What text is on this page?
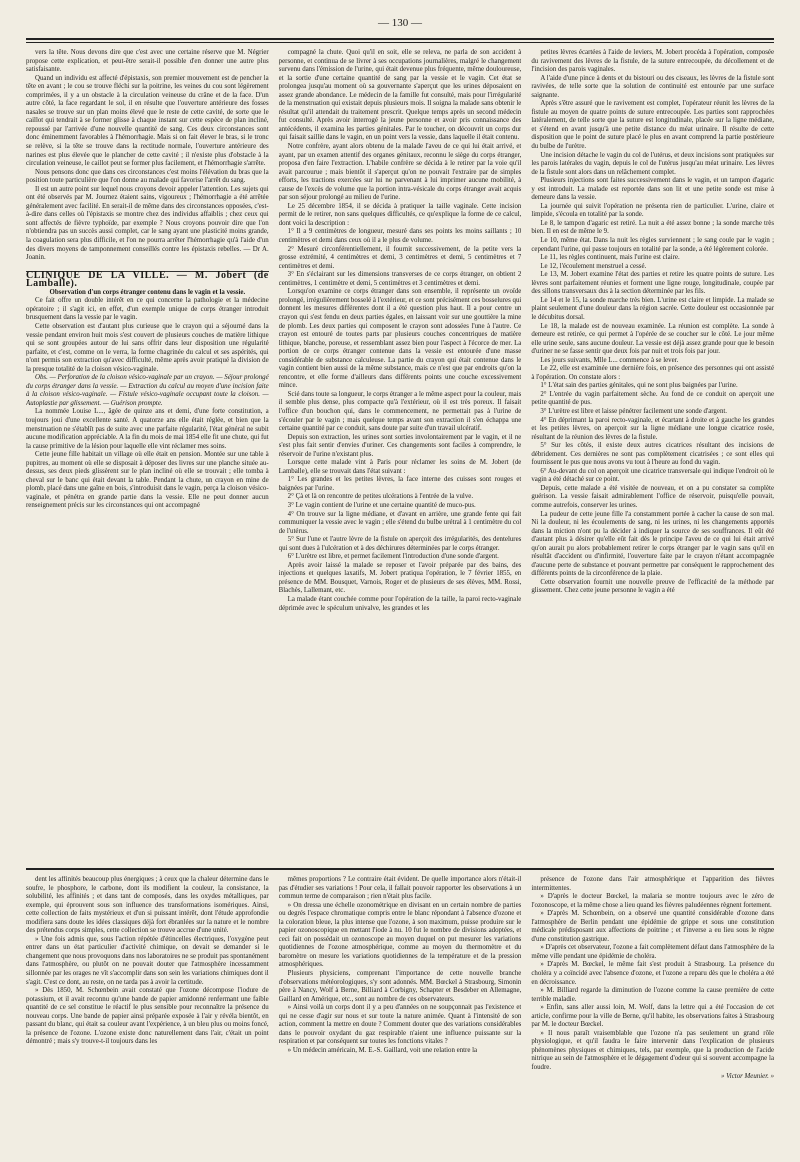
— 130 —

vers la tête. Nous devons dire que c'est avec une certaine réserve que M. Négrier propose cette explication, et peut-être serait-il possible d'en donner une autre plus satisfaisante.

Quand un individu est affecté d'épistaxis, son premier mouvement est de pencher la tête en avant ; le cou se trouve fléchi sur la poitrine, les veines du cou sont légèrement comprimées, il y a un obstacle à la circulation veineuse du crâne et de la face. D'un autre côté, la face regardant le sol, il en résulte que l'ouverture antérieure des fosses nasales se trouve sur un plan moins élevé que le reste de cette cavité, de sorte que le caillot qui tendrait à se former glisse à chaque instant sur cette espèce de plan incliné, repoussé par l'arrivée d'une nouvelle quantité de sang. Ces deux circonstances sont donc éminemment favorables à l'hémorrhagie. Mais si on fait élever le bras, si le tronc se relève, si la tête se trouve dans la rectitude normale, l'ouverture antérieure des narines est plus élevée que le plancher de cette cavité ; il n'existe plus d'obstacle à la circulation veineuse, le caillot peut se former plus facilement, et l'hémorrhagie s'arrête.

Nous pensons donc que dans ces circonstances c'est moins l'élévation du bras que la position toute particulière que l'on donne au malade qui favorise l'arrêt du sang.

Il est un autre point sur lequel nous croyons devoir appeler l'attention. Les sujets qui ont été observés par M. Journez étaient sains, vigoureux ; l'hémorrhagie a été arrêtée généralement avec facilité. En serait-il de même dans des circonstances opposées, c'est-à-dire dans celles où l'épistaxis se montre chez des individus affaiblis ; chez ceux qui sont affectés de fièvre typhoïde, par exemple ? Nous croyons pouvoir dire que l'on n'obtiendra pas un succès aussi complet, car le sang ayant une plasticité moins grande, la coagulation sera plus difficile, et l'on ne pourra arrêter l'hémorrhagie qu'à l'aide d'un des divers moyens de tamponnement conseillés contre les épistaxis rebelles. — Dr A. Joanin.

CLINIQUE DE LA VILLE. — M. Jobert (de Lamballe).

Observation d'un corps étranger contenu dans le vagin et la vessie.

Ce fait offre un double intérêt en ce qui concerne la pathologie et la médecine opératoire ; il s'agit ici, en effet, d'un exemple unique de corps étranger introduit brusquement dans la vessie par le vagin.

Cette observation est d'autant plus curieuse que le crayon qui a séjourné dans la vessie pendant environ huit mois s'est couvert de plusieurs couches de matière lithique qui se sont groupées autour de lui sans offrir dans leur disposition une régularité parfaite, et c'est, comme on le verra, la forme chagrinée du calcul et ses aspérités, qui n'ont permis son extraction qu'avec difficulté, même après avoir pratiqué la division de la presque totalité de la cloison vésico-vaginale.

Obs. — Perforation de la cloison vésico-vaginale par un crayon. — Séjour prolongé du corps étranger dans la vessie. — Extraction du calcul au moyen d'une incision faite à la cloison vésico-vaginale. — Fistule vésico-vaginale occupant toute la cloison. — Autoplastie par glissement. — Guérison prompte.

La nommée Louise L..., âgée de quinze ans et demi, d'une forte constitution, a toujours joui d'une excellente santé. A quatorze ans elle était réglée, et bien que la menstruation ne s'établît pas de suite avec une parfaite régularité, l'état général ne subit aucune modification appréciable. A la fin du mois de mai 1854 elle fit une chute, qui fut la cause primitive de la lésion pour laquelle elle vint réclamer mes soins.

Cette jeune fille habitait un village où elle était en pension. Montée sur une table à pupitres, au moment où elle se disposait à déposer des livres sur une planche située au-dessus, ses deux pieds glissèrent sur le plan incliné où elle se trouvait ; elle tomba à cheval sur le banc qui était devant la table. Pendant la chute, un crayon en mine de plomb, placé dans une gaîne en bois, s'introduisit dans le vagin, perça la cloison vésico-vaginale, et pénétra en grande partie dans la vessie. Elle ne peut donner aucun renseignement précis sur les circonstances qui ont accompagné

compagné la chute. Quoi qu'il en soit, elle se releva, ne parla de son accident à personne, et continua de se livrer à ses occupations journalières, malgré le changement survenu dans l'émission de l'urine, qui était devenue plus fréquente, même douloureuse, et la sortie d'une certaine quantité de sang par la vessie et le vagin. Cet état se prolongea jusqu'au moment où sa gouvernante s'aperçut que les urines déposaient en assez grande abondance. Le médecin de la famille fut consulté, mais pour l'irrégularité de la menstruation qui existait depuis plusieurs mois. Il soigna la malade sans obtenir le résultat qu'il attendait du traitement prescrit. Quelque temps après un second médecin fut consulté. Après avoir interrogé la jeune personne et avoir pris connaissance des antécédents, il examina les parties génitales. Par le toucher, on découvrit un corps dur qui faisait saillie dans le vagin, en un point vers la vessie, dans laquelle il était contenu.

Notre confrère, ayant alors obtenu de la malade l'aveu de ce qui lui était arrivé, et ayant, par un examen attentif des organes génitaux, reconnu le siège du corps étranger, proposa d'en faire l'extraction. L'habile confrère se décida à le retirer par la voie qu'il avait parcourue ; mais bientôt il s'aperçut qu'on ne pouvait l'extraire par de simples efforts, les tractions exercées sur lui ne parvenant à lui imprimer aucune mobilité, à cause de l'excès de volume que la portion intra-vésicale du corps étranger avait acquis par son séjour prolongé au milieu de l'urine.

Le 25 décembre 1854, il se décida à pratiquer la taille vaginale. Cette incision permit de le retirer, non sans quelques difficultés, ce qu'explique la forme de ce calcul, dont voici la description :

1° Il a 9 centimètres de longueur, mesuré dans ses points les moins saillants ; 10 centimètres et demi dans ceux où il a le plus de volume.

2° Mesuré circonférentiellement, il fournit successivement, de la petite vers la grosse extrémité, 4 centimètres et demi, 3 centimètres et demi, 5 centimètres et 7 centimètres et demi.

3° En s'éclairant sur les dimensions transverses de ce corps étranger, on obtient 2 centimètres, 1 centimètre et demi, 5 centimètres et 3 centimètres et demi.

Lorsqu'on examine ce corps étranger dans son ensemble, il représente un ovoïde prolongé, irrégulièrement bosselé à l'extérieur, et ce sont précisément ces bosselures qui donnent les mesures différentes dont il a été question plus haut. Il a pour centre un crayon qui s'est fendu en deux parties égales, en laissant voir sur une gouttière la mine de plomb. Les deux parties qui composent le crayon sont adossées l'une à l'autre. Ce crayon est entouré de toutes parts par plusieurs couches concentriques de matière lithique, blanche, poreuse, et ressemblant assez bien pour l'aspect à l'écorce de mer. La portion de ce corps étranger contenue dans la vessie est entourée d'une masse considérable de substance calculeuse. La partie du crayon qui était contenue dans le vagin contient bien aussi de la même substance, mais ce n'est que par endroits qu'on la rencontre, et elle forme d'ailleurs dans différents points une couche excessivement mince.

Scié dans toute sa longueur, le corps étranger a le même aspect pour la couleur, mais il semble plus dense, plus compacte qu'à l'extérieur, où il est très poreux. Il faisait l'office d'un bouchon qui, dans le commencement, ne permettait pas à l'urine de s'écouler par le vagin ; mais quelque temps avant son extraction il s'en échappa une certaine quantité par ce conduit, sans doute par suite d'un travail ulcératif.

Depuis son extraction, les urines sont sorties involontairement par le vagin, et il ne s'est plus fait sentir d'envies d'uriner. Ces changements sont faciles à comprendre, le réservoir de l'urine n'existant plus.

Lorsque cette malade vint à Paris pour réclamer les soins de M. Jobert (de Lamballe), elle se trouvait dans l'état suivant :

1° Les grandes et les petites lèvres, la face interne des cuisses sont rouges et baignées par l'urine.

2° Çà et là on rencontre de petites ulcérations à l'entrée de la vulve.

3° Le vagin contient de l'urine et une certaine quantité de muco-pus.

4° On trouve sur la ligne médiane, et d'avant en arrière, une grande fente qui fait communiquer la vessie avec le vagin ; elle s'étend du bulbe urétral à 1 centimètre du col de l'utérus.

5° Sur l'une et l'autre lèvre de la fistule on aperçoit des irrégularités, des dentelures qui sont dues à l'ulcération et à des déchirures déterminées par le corps étranger.

6° L'urètre est libre, et permet facilement l'introduction d'une sonde d'argent.

Après avoir laissé la malade se reposer et l'avoir préparée par des bains, des injections et quelques laxatifs, M. Jobert pratiqua l'opération, le 7 février 1855, en présence de MM. Bousquet, Varnois, Roger et de plusieurs de ses élèves, MM. Rossi, Blachès, Lallemant, etc.

La malade étant couchée comme pour l'opération de la taille, la paroi recto-vaginale déprimée avec le spéculum univalve, les grandes et les

petites lèvres écartées à l'aide de leviers, M. Jobert procéda à l'opération, composée du ravivement des lèvres de la fistule, de la suture entrecoupée, du décollement et de l'incision des parois vaginales.

A l'aide d'une pince à dents et du bistouri ou des ciseaux, les lèvres de la fistule sont ravivées, de telle sorte que la solution de continuité est entourée par une surface saignante.

Après s'être assuré que le ravivement est complet, l'opérateur réunit les lèvres de la fistule au moyen de quatre points de suture entrecoupée. Les parties sont rapprochées latéralement, de telle sorte que la suture est longitudinale, placée sur la ligne médiane, et s'étend en avant jusqu'à une petite distance du méat urinaire. Il résulte de cette disposition que le point de suture placé le plus en avant comprend la partie postérieure du bulbe de l'urètre.

Une incision détache le vagin du col de l'utérus, et deux incisions sont pratiquées sur les parois latérales du vagin, depuis le col de l'utérus jusqu'au méat urinaire. Les lèvres de la fistule sont alors dans un relâchement complet.

Plusieurs injections sont faites successivement dans le vagin, et un tampon d'agaric y est introduit. La malade est reportée dans son lit et une petite sonde est mise à demeure dans la vessie.

La journée qui suivit l'opération ne présenta rien de particulier. L'urine, claire et limpide, s'écoula en totalité par la sonde.

Le 8, le tampon d'agaric est retiré. La nuit a été assez bonne ; la sonde marche très bien. Il en est de même le 9.

Le 10, même état. Dans la nuit les règles surviennent ; le sang coule par le vagin ; cependant l'urine, qui passe toujours en totalité par la sonde, a été légèrement colorée.

Le 11, les règles continuent, mais l'urine est claire.

Le 12, l'écoulement menstruel a cessé.

Le 13, M. Jobert examine l'état des parties et retire les quatre points de suture. Les lèvres sont parfaitement réunies et forment une ligne rouge, longitudinale, coupée par des sillons transversaux dus à la section déterminée par les fils.

Le 14 et le 15, la sonde marche très bien. L'urine est claire et limpide. La malade se plaint seulement d'une douleur dans la région sacrée. Cette douleur est occasionnée par le décubitus dorsal.

Le 18, la malade est de nouveau examinée. La réunion est complète. La sonde à demeure est retirée, ce qui permet à l'opérée de se coucher sur le côté. Le jour même elle urine seule, sans aucune douleur. La vessie est déjà assez grande pour que le besoin d'uriner ne se fasse sentir que deux fois par nuit et trois fois par jour.

Les jours suivants, Mlle L... commence à se lever.

Le 22, elle est examinée une dernière fois, en présence des personnes qui ont assisté à l'opération. On constate alors :

1° L'état sain des parties génitales, qui ne sont plus baignées par l'urine.

2° L'entrée du vagin parfaitement sèche. Au fond de ce conduit on aperçoit une petite quantité de pus.

3° L'urètre est libre et laisse pénétrer facilement une sonde d'argent.

4° En déprimant la paroi recto-vaginale, et écartant à droite et à gauche les grandes et les petites lèvres, on aperçoit sur la ligne médiane une longue cicatrice rosée, résultant de la réunion des lèvres de la fistule.

5° Sur les côtés, il existe deux autres cicatrices résultant des incisions de débridement. Ces dernières ne sont pas complètement cicatrisées ; ce sont elles qui fournissent le pus que nous avons vu tout à l'heure au fond du vagin.

6° Au-devant du col on aperçoit une cicatrice transversale qui indique l'endroit où le vagin a été détaché sur ce point.

Depuis, cette malade a été visitée de nouveau, et on a pu constater sa complète guérison. La vessie faisait admirablement l'office de réservoir, puisqu'elle pouvait, comme autrefois, conserver les urines.

La pudeur de cette jeune fille l'a constamment portée à cacher la cause de son mal. Ni la douleur, ni les écoulements de sang, ni les urines, ni les changements apportés dans la miction n'ont pu la décider à indiquer la source de ses souffrances. Il eût été d'autant plus à désirer qu'elle eût fait dès le principe l'aveu de ce qui lui était arrivé qu'on aurait pu alors probablement retirer le corps étranger par le vagin sans qu'il en résultât d'accident ou d'infirmité, l'ouverture faite par le crayon n'étant accompagnée d'aucune perte de substance et pouvant permettre par conséquent le rapprochement des différents points de la circonférence de la plaie.

Cette observation fournit une nouvelle preuve de l'efficacité de la méthode par glissement. Chez cette jeune personne le vagin a été

dent les affinités beaucoup plus énergiques ; à ceux que la chaleur détermine dans le soufre, le phosphore, le carbone, dont ils modifient la couleur, la consistance, la solubilité, les affinités ; et dans tant de composés, dans les oxydes métalliques, par exemple, qui éprouvent sous son influence des transformations isomériques. Ainsi, cette collection de faits mystérieux et d'un si puissant intérêt, dont l'étude approfondie modifiera sans doute les idées classiques déjà fort ébranlées sur la nature et le nombre des prétendus corps simples, cette collection se trouve accrue d'une unité.

» Une fois admis que, sous l'action répétée d'étincelles électriques, l'oxygène peut entrer dans un état particulier d'activité chimique, on devait se demander si le changement que nous provoquons dans nos laboratoires ne se produit pas spontanément dans l'atmosphère, ou plutôt on ne pouvait douter que l'atmosphère incessamment sillonnée par les orages ne vît s'accomplir dans son sein les variations chimiques dont il s'agit. C'est ce dont, au reste, on ne tarda pas à avoir la certitude.

» Dès 1850, M. Schœnbein avait constaté que l'ozone décompose l'iodure de potassium, et il avait reconnu qu'une bande de papier amidonné renfermant une faible quantité de ce sel constitue le réactif le plus sensible pour reconnaître la présence du nouveau corps. Une bande de papier ainsi préparée exposée à l'air y révéla bientôt, en passant du blanc, qui était sa couleur avant l'expérience, à un bleu plus ou moins foncé, la présence de l'ozone. L'ozone existe donc naturellement dans l'air, c'était un point démontré ; mais s'y trouve-t-il toujours dans les

mêmes proportions ? Le contraire était évident. De quelle importance alors n'était-il pas d'étudier ses variations ! Pour cela, il fallait pouvoir rapporter les observations à un commun terme de comparaison ; rien n'était plus facile.

» On dressa une échelle ozonométrique en divisant en un certain nombre de parties ou degrés l'espace chromatique compris entre le blanc répondant à l'absence d'ozone et la coloration bleue, la plus intense que l'ozone, à son maximum, puisse produire sur le papier ozonoscopique en mettant l'iode à nu. 10 fut le nombre de divisions adoptées, et ceci fait on possédait un ozonoscope au moyen duquel on put mesurer les variations quotidiennes de l'ozone atmosphérique, comme au moyen du thermomètre et du baromètre on mesure les variations quotidiennes de la température et de la pression atmosphériques.

Plusieurs physiciens, comprenant l'importance de cette nouvelle branche d'observations météorologiques, s'y sont adonnés. MM. Bœckel à Strasbourg, Simonin père à Nancy, Wolf à Berne, Billiard à Corbigny, Schapter et Besdeber en Allemagne, Gaillard en Amérique, etc., sont au nombre de ces observateurs.

» Ainsi voilà un corps dont il y a peu d'années on ne soupçonnait pas l'existence et qui ne cesse d'agir sur nous et sur toute la nature animée. Quant à l'intensité de son action, comment la mettre en doute ? Comment douter que des variations considérables dans le pouvoir oxydant du gaz respirable n'aient une influence puissante sur la respiration et par conséquent sur toutes les fonctions vitales ?

» Un médecin américain, M. E.-S. Gaillard, voit une relation entre la

présence de l'ozone dans l'air atmosphérique et l'apparition des fièvres intermittentes.

» D'après le docteur Bœckel, la malaria se montre toujours avec le zéro de l'ozonoscope, et la même chose a lieu quand les fièvres paludéennes règnent fortement.

» D'après M. Schœnbein, on a observé une quantité considérable d'ozone dans l'atmosphère de Berlin pendant une épidémie de grippe et sous une constitution médicale prédisposant aux affections de poitrine ; et l'inverse a eu lieu sous le règne d'une constitution gastrique.

» D'après cet observateur, l'ozone a fait complètement défaut dans l'atmosphère de la même ville pendant une épidémie de choléra.

» D'après M. Bœckel, le même fait s'est produit à Strasbourg. La présence du choléra y a coïncidé avec l'absence d'ozone, et l'ozone a reparu dès que le choléra a été en décroissance.

» M. Billiard regarde la diminution de l'ozone comme la cause première de cette terrible maladie.

» Enfin, sans aller aussi loin, M. Wolf, dans la lettre qui a été l'occasion de cet article, confirme pour la ville de Berne, qu'il habite, les observations faites à Strasbourg par M. le docteur Bœckel.

» Il nous paraît vraisemblable que l'ozone n'a pas seulement un grand rôle physiologique, et qu'il faudra le faire intervenir dans l'explication de plusieurs phénomènes physiques et chimiques, tels, par exemple, que la production de l'acide nitrique au sein de l'atmosphère et le dégagement d'odeur qui si souvent accompagne la foudre.

» Victor Meunier. »
